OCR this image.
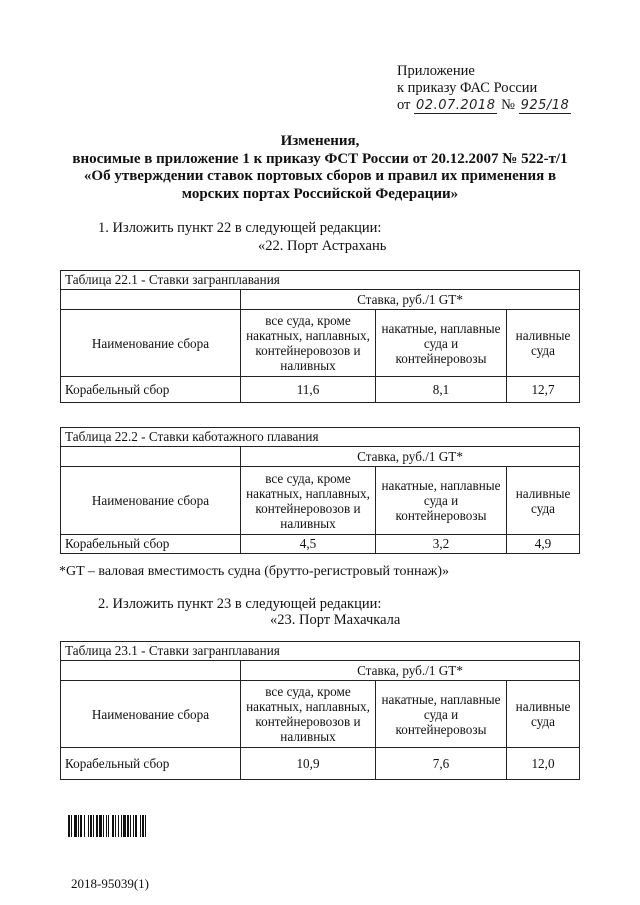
Приложение
к приказу ФАС России
от 02.07.2018 № 925/18
Изменения,
вносимые в приложение 1 к приказу ФСТ России от 20.12.2007 № 522-т/1
«Об утверждении ставок портовых сборов и правил их применения в
морских портах Российской Федерации»
1. Изложить пункт 22 в следующей редакции:
«22. Порт Астрахань
Таблица 22.1 - Ставки загранплавания			
	Ставка, руб./1 GT*		
Наименование сбора	все суда, кроме накатных, наплавных, контейнеровозов и наливных	накатные, наплавные суда и контейнеровозы	наливные суда
Корабельный сбор	11,6	8,1	12,7
Таблица 22.2 - Ставки каботажного плавания			
	Ставка, руб./1 GT*		
Наименование сбора	все суда, кроме накатных, наплавных, контейнеровозов и наливных	накатные, наплавные суда и контейнеровозы	наливные суда
Корабельный сбор	4,5	3,2	4,9
*GT – валовая вместимость судна (брутто-регистровый тоннаж)»
2. Изложить пункт 23 в следующей редакции:
«23. Порт Махачкала
Таблица 23.1 - Ставки загранплавания			
	Ставка, руб./1 GT*		
Наименование сбора	все суда, кроме накатных, наплавных, контейнеровозов и наливных	накатные, наплавные суда и контейнеровозы	наливные суда
Корабельный сбор	10,9	7,6	12,0
2018-95039(1)
